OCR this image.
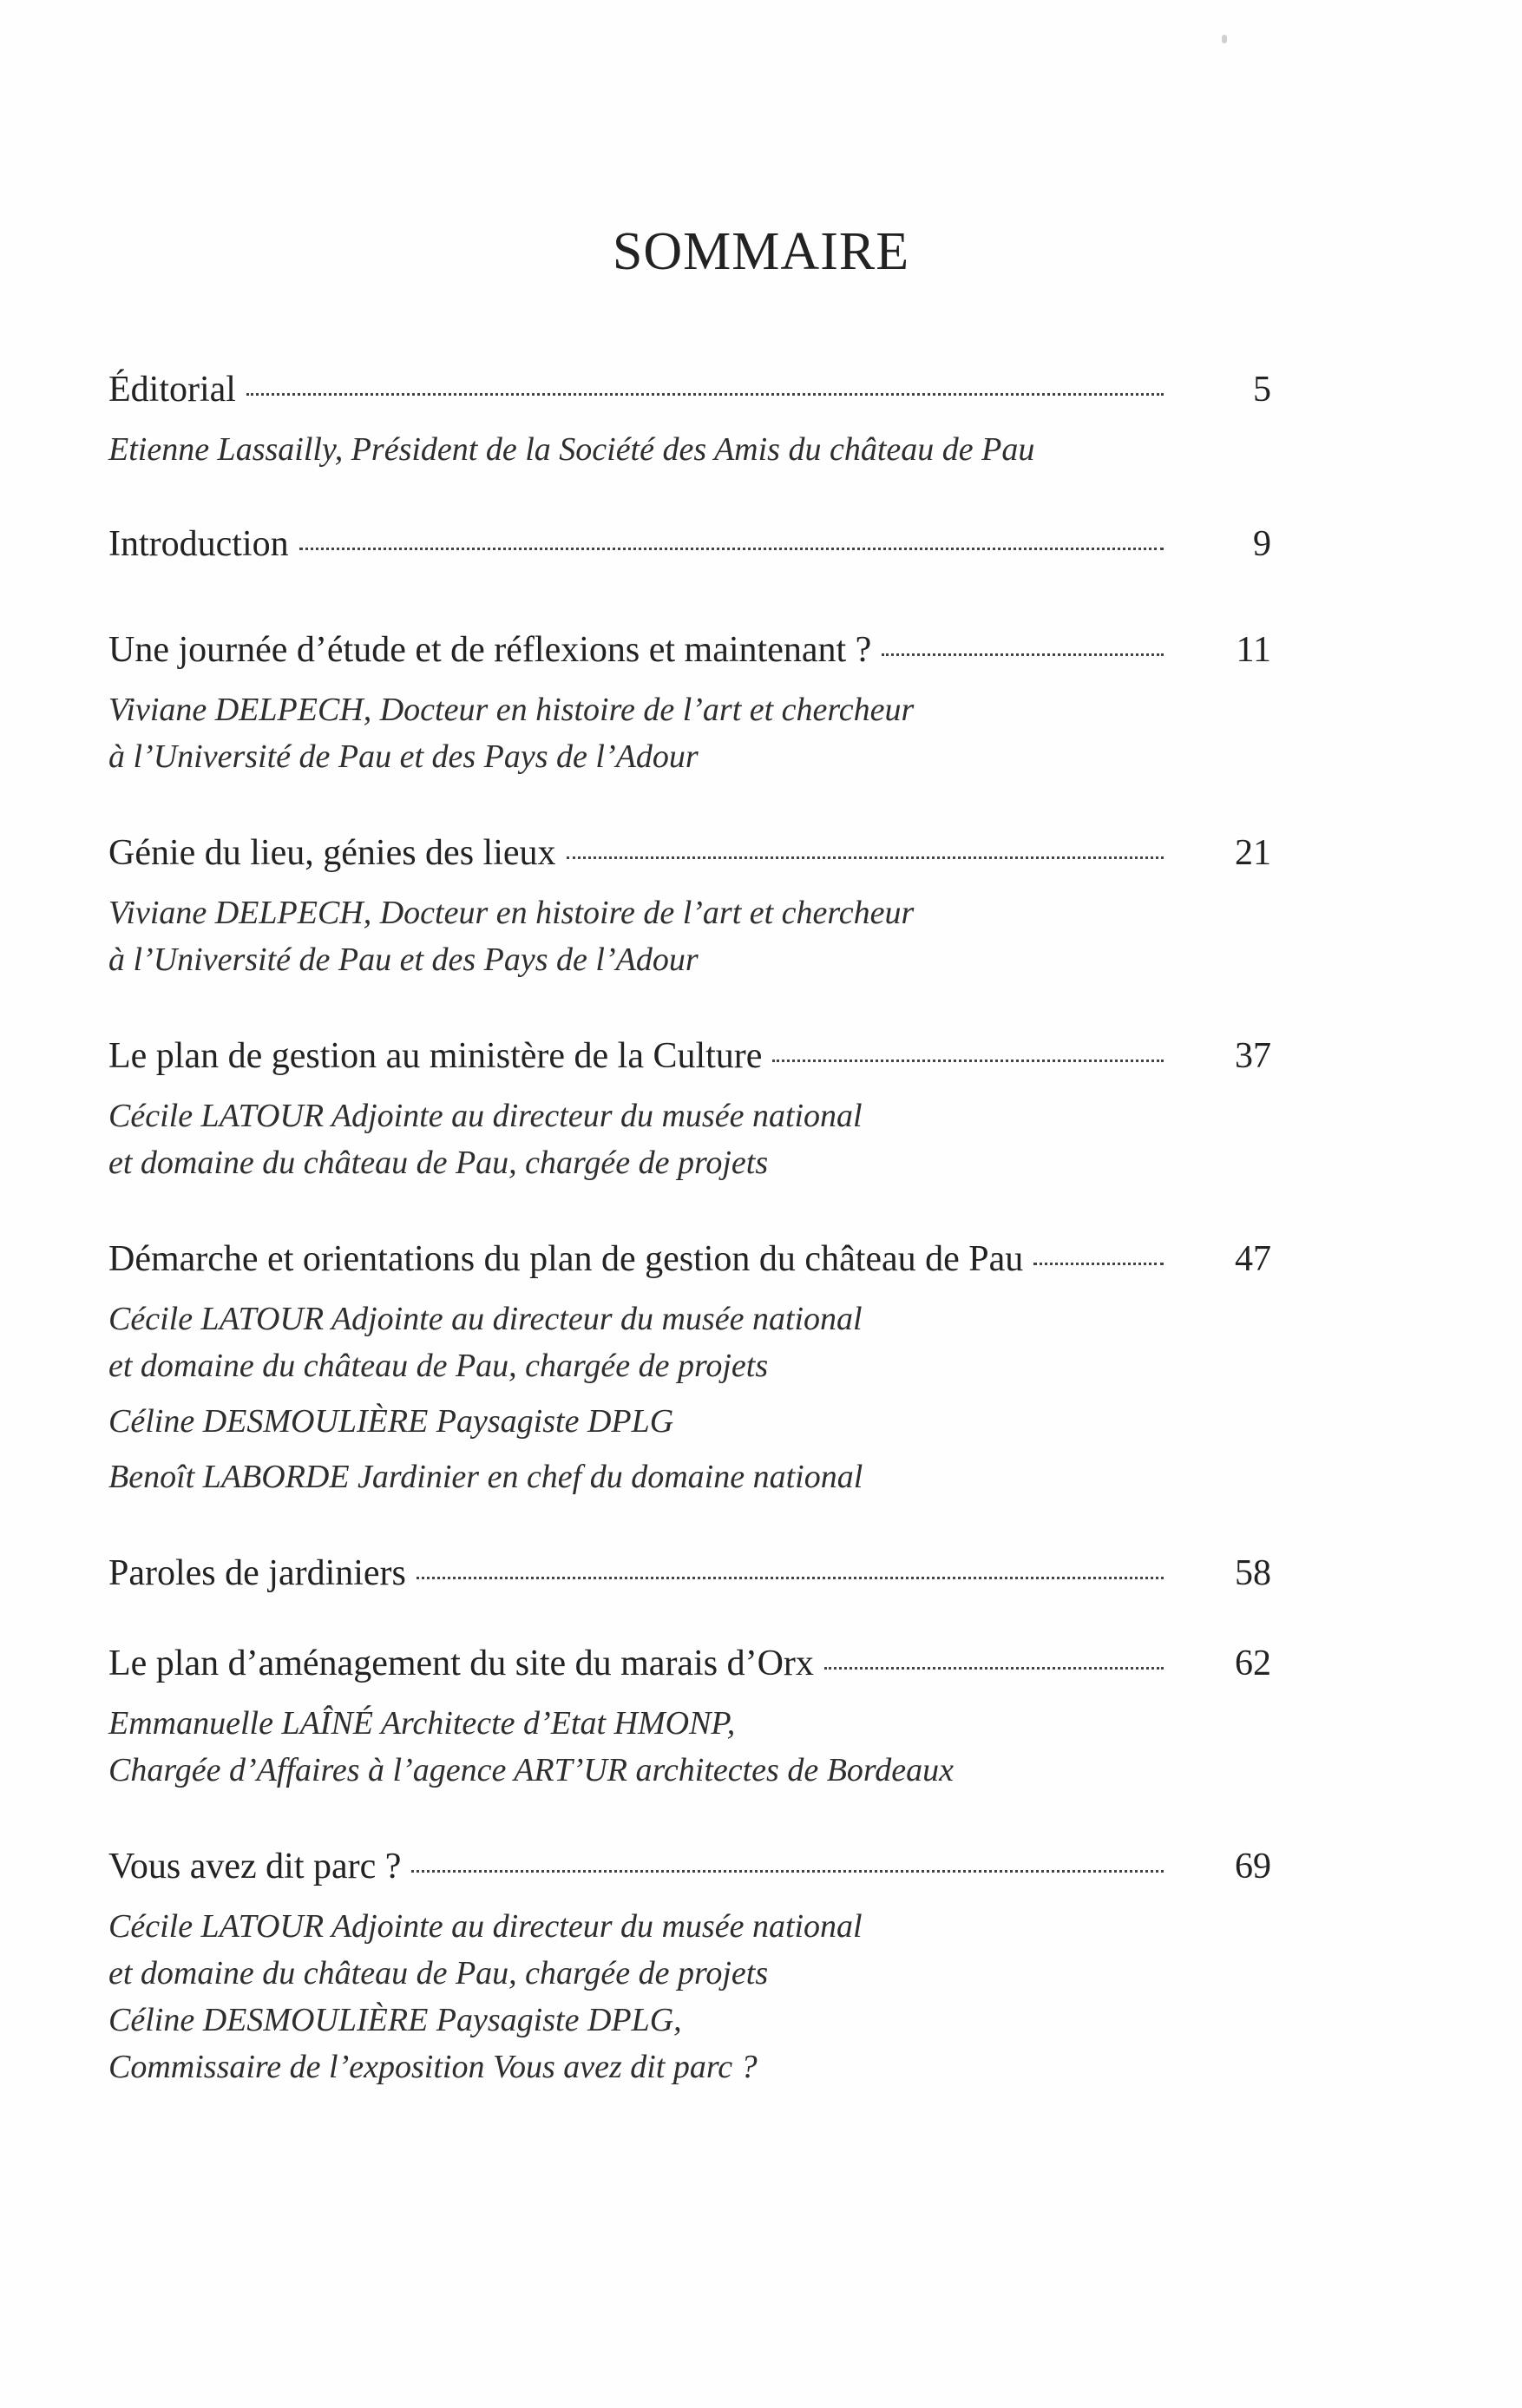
SOMMAIRE
Éditorial	5
Etienne Lassailly, Président de la Société des Amis du château de Pau
Introduction	9
Une journée d’étude et de réflexions et maintenant ?	11
Viviane DELPECH, Docteur en histoire de l’art et chercheur
à l’Université de Pau et des Pays de l’Adour
Génie du lieu, génies des lieux	21
Viviane DELPECH, Docteur en histoire de l’art et chercheur
à l’Université de Pau et des Pays de l’Adour
Le plan de gestion au ministère de la Culture	37
Cécile LATOUR Adjointe au directeur du musée national
et domaine du château de Pau, chargée de projets
Démarche et orientations du plan de gestion du château de Pau	47
Cécile LATOUR Adjointe au directeur du musée national
et domaine du château de Pau, chargée de projets
Céline DESMOULIÈRE Paysagiste DPLG
Benoît LABORDE Jardinier en chef du domaine national
Paroles de jardiniers	58
Le plan d’aménagement du site du marais d’Orx	62
Emmanuelle LAÎNÉ Architecte d’Etat HMONP,
Chargée d’Affaires à l’agence ART’UR architectes de Bordeaux
Vous avez dit parc ?	69
Cécile LATOUR Adjointe au directeur du musée national
et domaine du château de Pau, chargée de projets
Céline DESMOULIÈRE Paysagiste DPLG,
Commissaire de l’exposition Vous avez dit parc ?
